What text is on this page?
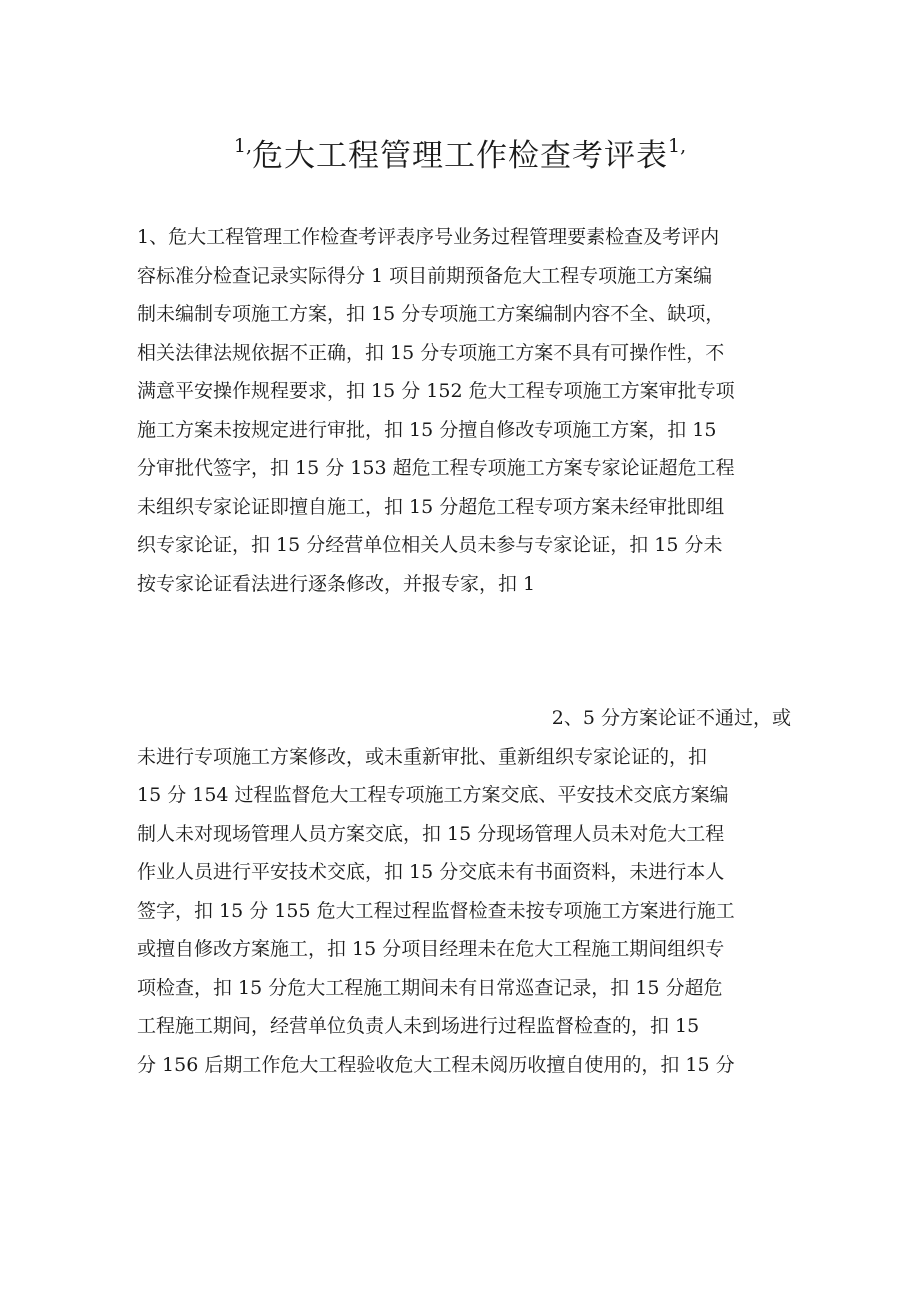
1,危大工程管理工作检查考评表1,
1、危大工程管理工作检查考评表序号业务过程管理要素检查及考评内
容标准分检查记录实际得分 1 项目前期预备危大工程专项施工方案编
制未编制专项施工方案，扣 15 分专项施工方案编制内容不全、缺项，
相关法律法规依据不正确，扣 15 分专项施工方案不具有可操作性，不
满意平安操作规程要求，扣 15 分 152 危大工程专项施工方案审批专项
施工方案未按规定进行审批，扣 15 分擅自修改专项施工方案，扣 15
分审批代签字，扣 15 分 153 超危工程专项施工方案专家论证超危工程
未组织专家论证即擅自施工，扣 15 分超危工程专项方案未经审批即组
织专家论证，扣 15 分经营单位相关人员未参与专家论证，扣 15 分未
按专家论证看法进行逐条修改，并报专家，扣 1
2、5 分方案论证不通过，或
未进行专项施工方案修改，或未重新审批、重新组织专家论证的，扣
15 分 154 过程监督危大工程专项施工方案交底、平安技术交底方案编
制人未对现场管理人员方案交底，扣 15 分现场管理人员未对危大工程
作业人员进行平安技术交底，扣 15 分交底未有书面资料，未进行本人
签字，扣 15 分 155 危大工程过程监督检查未按专项施工方案进行施工
或擅自修改方案施工，扣 15 分项目经理未在危大工程施工期间组织专
项检查，扣 15 分危大工程施工期间未有日常巡查记录，扣 15 分超危
工程施工期间，经营单位负责人未到场进行过程监督检查的，扣 15
分 156 后期工作危大工程验收危大工程未阅历收擅自使用的，扣 15 分
